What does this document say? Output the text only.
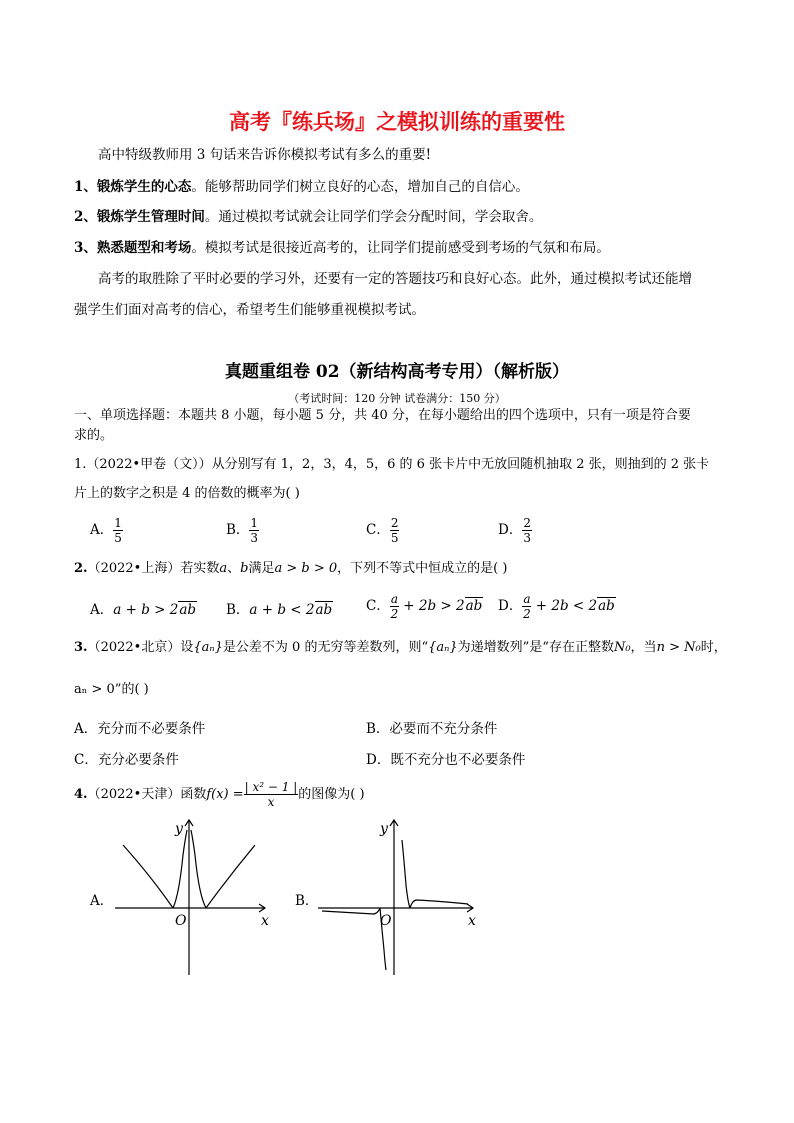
高考『练兵场』之模拟训练的重要性
高中特级教师用 3 句话来告诉你模拟考试有多么的重要!
1、锻炼学生的心态。能够帮助同学们树立良好的心态，增加自己的自信心。
2、锻炼学生管理时间。通过模拟考试就会让同学们学会分配时间，学会取舍。
3、熟悉题型和考场。模拟考试是很接近高考的，让同学们提前感受到考场的气氛和布局。
高考的取胜除了平时必要的学习外，还要有一定的答题技巧和良好心态。此外，通过模拟考试还能增
强学生们面对高考的信心，希望考生们能够重视模拟考试。
真题重组卷 02（新结构高考专用）（解析版）
（考试时间：120 分钟 试卷满分：150 分）
一、单项选择题：本题共 8 小题，每小题 5 分，共 40 分，在每小题给出的四个选项中，只有一项是符合要
求的。
1.（2022•甲卷（文））从分别写有 1，2，3，4，5，6 的 6 张卡片中无放回随机抽取 2 张，则抽到的 2 张卡
片上的数字之积是 4 的倍数的概率为( )
A． $\frac{1}{5}$	B． $\frac{1}{3}$	C． $\frac{2}{5}$	D． $\frac{2}{3}$
2.（2022•上海）若实数a、b满足a > b > 0，下列不等式中恒成立的是( )
A．a + b > 2ab B．a + b < 2ab	C． $\frac{a}{2} + 2b > 2ab$ D． $\frac{a}{2} + 2b < 2ab$
3.（2022•北京）设{aₙ}是公差不为 0 的无穷等差数列，则“{aₙ}为递增数列”是“存在正整数N₀，当n > N₀时，
aₙ > 0”的( )
A．充分而不必要条件	B．必要而不充分条件
C．充分必要条件	D．既不充分也不必要条件
4.（2022•天津）函数$f(x) = \frac{\text{| x² − 1 |}}{x}$ 的图像为( )
A．
y
x
O
B．
y
x
O
